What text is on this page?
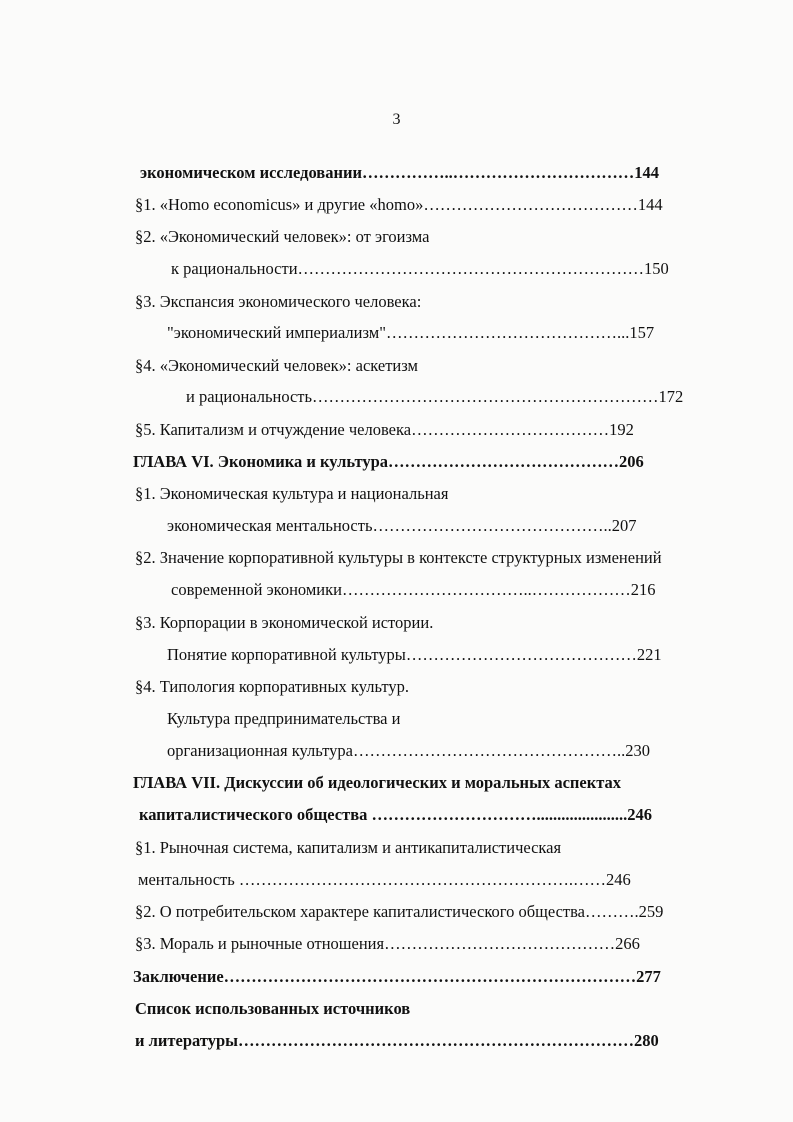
3
экономическом исследовании……………..……………………………144
§1. «Homo economicus» и другие «homo»…………………………………144
§2. «Экономический человек»: от эгоизма
к рациональности………………………………………………………150
§3. Экспансия экономического человека:
"экономический империализм"……………………………………...157
§4. «Экономический человек»: аскетизм
и рациональность………………………………………………………172
§5. Капитализм и отчуждение человека………………………………192
ГЛАВА VI. Экономика и культура……………………………………206
§1. Экономическая культура и национальная
экономическая ментальность……………………………………..207
§2. Значение корпоративной культуры в контексте структурных изменений
современной экономики……………………………..………………216
§3. Корпорации в экономической истории.
Понятие корпоративной культуры……………………………………221
§4. Типология корпоративных культур.
Культура предпринимательства и
организационная культура…………………………………………..230
ГЛАВА VII. Дискуссии об идеологических и моральных аспектах
капиталистического общества …………………………......................246
§1. Рыночная система, капитализм и антикапиталистическая
ментальность …………………………………………………….……246
§2. О потребительском характере капиталистического общества……….259
§3. Мораль и рыночные отношения……………………………………266
Заключение…………………………………………………………………277
Список использованных источников
и литературы………………………………………………………………280
